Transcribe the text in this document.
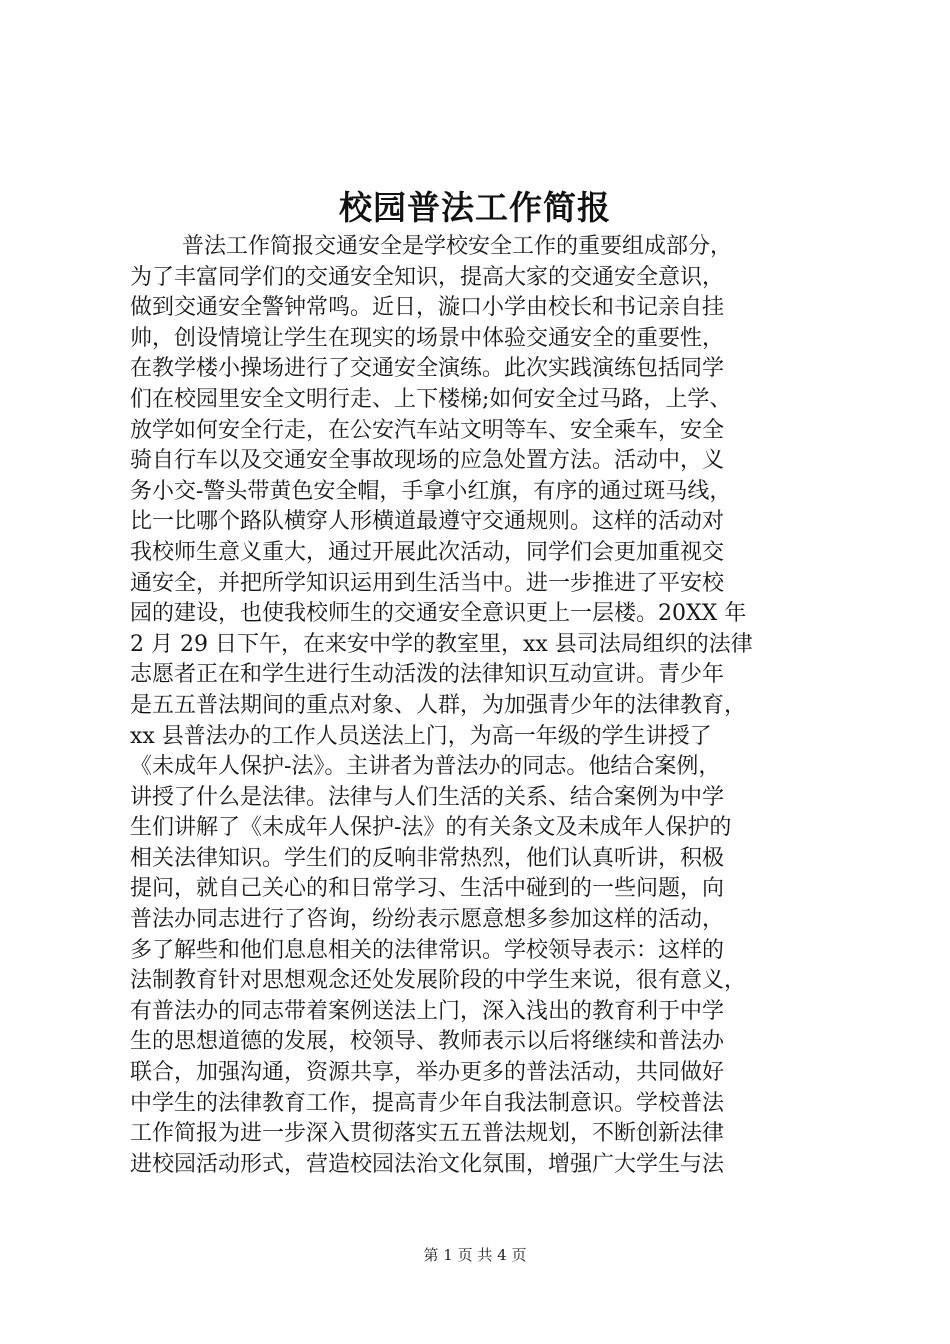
校园普法工作简报
普法工作简报交通安全是学校安全工作的重要组成部分，
为了丰富同学们的交通安全知识，提高大家的交通安全意识，
做到交通安全警钟常鸣。近日，漩口小学由校长和书记亲自挂
帅，创设情境让学生在现实的场景中体验交通安全的重要性，
在教学楼小操场进行了交通安全演练。此次实践演练包括同学
们在校园里安全文明行走、上下楼梯;如何安全过马路，上学、
放学如何安全行走，在公安汽车站文明等车、安全乘车，安全
骑自行车以及交通安全事故现场的应急处置方法。活动中，义
务小交-警头带黄色安全帽，手拿小红旗，有序的通过斑马线，
比一比哪个路队横穿人形横道最遵守交通规则。这样的活动对
我校师生意义重大，通过开展此次活动，同学们会更加重视交
通安全，并把所学知识运用到生活当中。进一步推进了平安校
园的建设，也使我校师生的交通安全意识更上一层楼。20XX 年
2 月 29 日下午，在来安中学的教室里，xx 县司法局组织的法律
志愿者正在和学生进行生动活泼的法律知识互动宣讲。青少年
是五五普法期间的重点对象、人群，为加强青少年的法律教育，
xx 县普法办的工作人员送法上门，为高一年级的学生讲授了
《未成年人保护-法》。主讲者为普法办的同志。他结合案例，
讲授了什么是法律。法律与人们生活的关系、结合案例为中学
生们讲解了《未成年人保护-法》的有关条文及未成年人保护的
相关法律知识。学生们的反响非常热烈，他们认真听讲，积极
提问，就自己关心的和日常学习、生活中碰到的一些问题，向
普法办同志进行了咨询，纷纷表示愿意想多参加这样的活动，
多了解些和他们息息相关的法律常识。学校领导表示：这样的
法制教育针对思想观念还处发展阶段的中学生来说，很有意义，
有普法办的同志带着案例送法上门，深入浅出的教育利于中学
生的思想道德的发展，校领导、教师表示以后将继续和普法办
联合，加强沟通，资源共享，举办更多的普法活动，共同做好
中学生的法律教育工作，提高青少年自我法制意识。学校普法
工作简报为进一步深入贯彻落实五五普法规划，不断创新法律
进校园活动形式，营造校园法治文化氛围，增强广大学生与法
第 1 页 共 4 页
